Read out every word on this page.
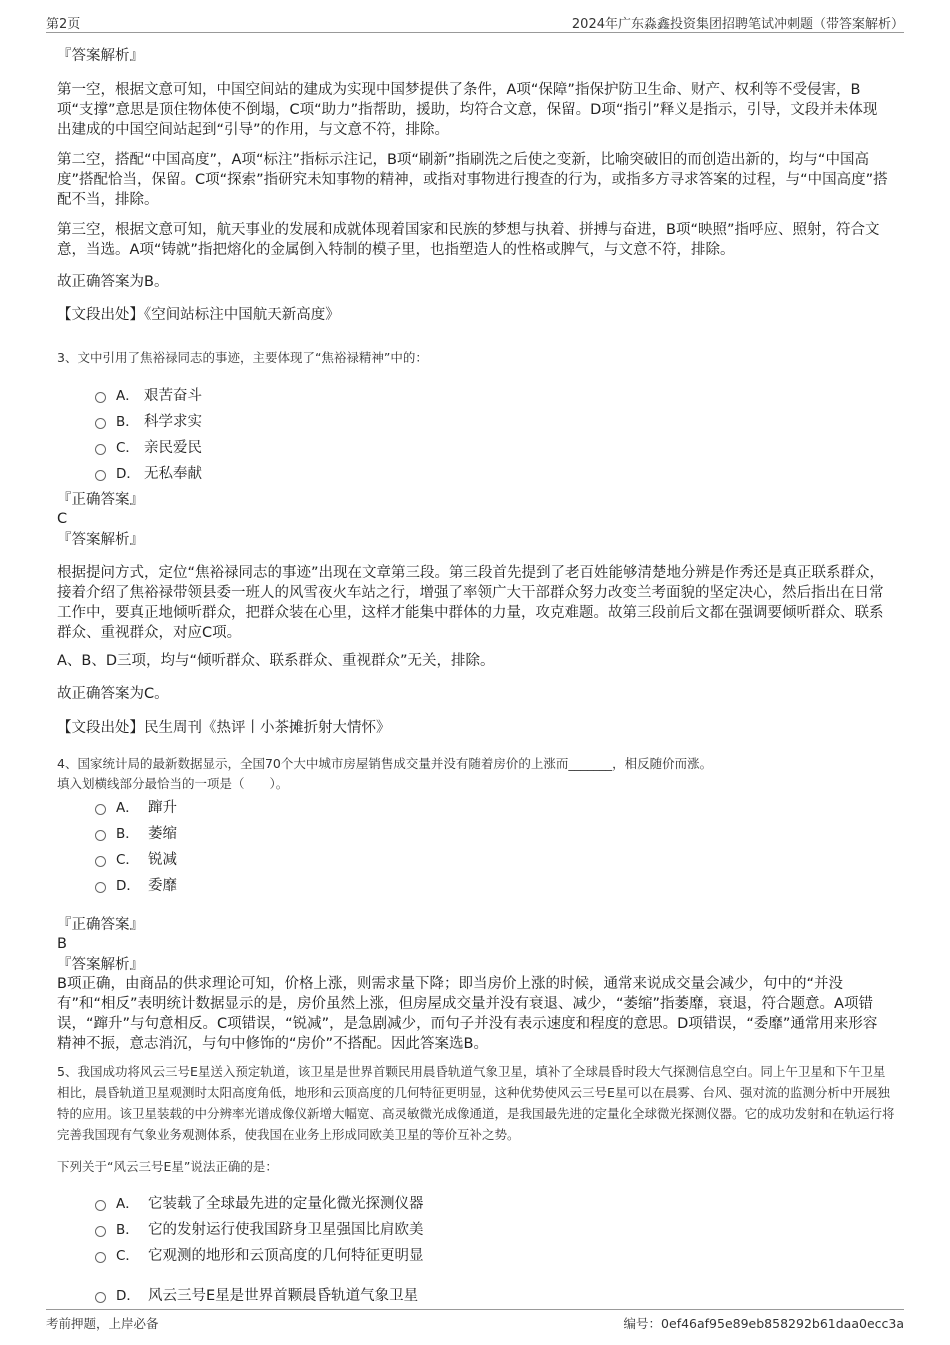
第2页	2024年广东淼鑫投资集团招聘笔试冲刺题（带答案解析）

『答案解析』

第一空，根据文意可知，中国空间站的建成为实现中国梦提供了条件，A项“保障”指保护防卫生命、财产、权利等不受侵害，B项“支撑”意思是顶住物体使不倒塌，C项“助力”指帮助，援助，均符合文意，保留。D项“指引”释义是指示，引导，文段并未体现出建成的中国空间站起到“引导”的作用，与文意不符，排除。

第二空，搭配“中国高度”，A项“标注”指标示注记，B项“刷新”指刷洗之后使之变新，比喻突破旧的而创造出新的，均与“中国高度”搭配恰当，保留。C项“探索”指研究未知事物的精神，或指对事物进行搜查的行为，或指多方寻求答案的过程，与“中国高度”搭配不当，排除。

第三空，根据文意可知，航天事业的发展和成就体现着国家和民族的梦想与执着、拼搏与奋进，B项“映照”指呼应、照射，符合文意，当选。A项“铸就”指把熔化的金属倒入特制的模子里，也指塑造人的性格或脾气，与文意不符，排除。

故正确答案为B。

【文段出处】《空间站标注中国航天新高度》

3、文中引用了焦裕禄同志的事迹，主要体现了“焦裕禄精神”中的：

A． 艰苦奋斗
B． 科学求实
C． 亲民爱民
D． 无私奉献

『正确答案』

C

『答案解析』

根据提问方式，定位“焦裕禄同志的事迹”出现在文章第三段。第三段首先提到了老百姓能够清楚地分辨是作秀还是真正联系群众，接着介绍了焦裕禄带领县委一班人的风雪夜火车站之行，增强了率领广大干部群众努力改变兰考面貌的坚定决心，然后指出在日常工作中，要真正地倾听群众，把群众装在心里，这样才能集中群体的力量，攻克难题。故第三段前后文都在强调要倾听群众、联系群众、重视群众，对应C项。

A、B、D三项，均与“倾听群众、联系群众、重视群众”无关，排除。

故正确答案为C。

【文段出处】民生周刊《热评丨小茶摊折射大情怀》

4、国家统计局的最新数据显示，全国70个大中城市房屋销售成交量并没有随着房价的上涨而_______，相反随价而涨。

填入划横线部分最恰当的一项是（　　）。

A． 蹿升
B． 萎缩
C． 锐减
D． 委靡

『正确答案』

B

『答案解析』

B项正确，由商品的供求理论可知，价格上涨，则需求量下降；即当房价上涨的时候，通常来说成交量会减少，句中的“并没有”和“相反”表明统计数据显示的是，房价虽然上涨，但房屋成交量并没有衰退、减少，“萎缩”指萎靡，衰退，符合题意。A项错误，“蹿升”与句意相反。C项错误，“锐减”，是急剧减少，而句子并没有表示速度和程度的意思。D项错误，“委靡”通常用来形容精神不振，意志消沉，与句中修饰的“房价”不搭配。因此答案选B。

5、我国成功将风云三号E星送入预定轨道，该卫星是世界首颗民用晨昏轨道气象卫星，填补了全球晨昏时段大气探测信息空白。同上午卫星和下午卫星相比，晨昏轨道卫星观测时太阳高度角低，地形和云顶高度的几何特征更明显，这种优势使风云三号E星可以在晨雾、台风、强对流的监测分析中开展独特的应用。该卫星装载的中分辨率光谱成像仪新增大幅宽、高灵敏微光成像通道，是我国最先进的定量化全球微光探测仪器。它的成功发射和在轨运行将完善我国现有气象业务观测体系，使我国在业务上形成同欧美卫星的等价互补之势。

下列关于“风云三号E星”说法正确的是：

A． 它装载了全球最先进的定量化微光探测仪器
B． 它的发射运行使我国跻身卫星强国比肩欧美
C． 它观测的地形和云顶高度的几何特征更明显
D． 风云三号E星是世界首颗晨昏轨道气象卫星
考前押题，上岸必备	编号：0ef46af95e89eb858292b61daa0ecc3a
